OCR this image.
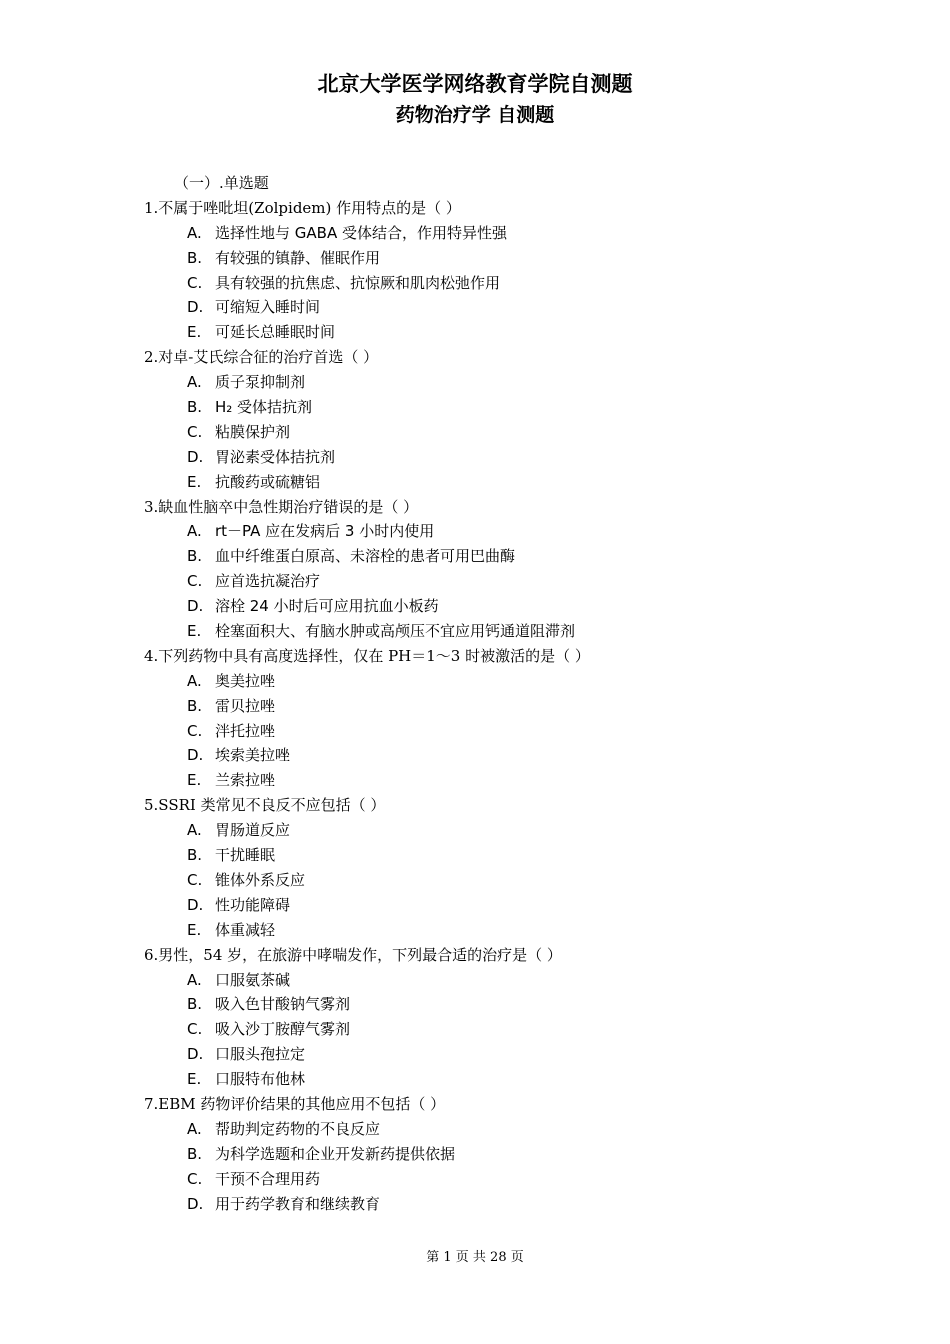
北京大学医学网络教育学院自测题
药物治疗学 自测题
（一）.单选题
1.不属于唑吡坦(Zolpidem) 作用特点的是（ ）
A. 选择性地与 GABA 受体结合，作用特异性强
B. 有较强的镇静、催眠作用
C. 具有较强的抗焦虑、抗惊厥和肌肉松弛作用
D. 可缩短入睡时间
E. 可延长总睡眠时间
2.对卓-艾氏综合征的治疗首选（ ）
A. 质子泵抑制剂
B. H₂ 受体拮抗剂
C. 粘膜保护剂
D. 胃泌素受体拮抗剂
E. 抗酸药或硫糖铝
3.缺血性脑卒中急性期治疗错误的是（ ）
A. rt－PA 应在发病后 3 小时内使用
B. 血中纤维蛋白原高、未溶栓的患者可用巴曲酶
C. 应首选抗凝治疗
D. 溶栓 24 小时后可应用抗血小板药
E. 栓塞面积大、有脑水肿或高颅压不宜应用钙通道阻滞剂
4.下列药物中具有高度选择性，仅在 PH＝1～3 时被激活的是（ ）
A. 奥美拉唑
B. 雷贝拉唑
C. 泮托拉唑
D. 埃索美拉唑
E. 兰索拉唑
5.SSRI 类常见不良反不应包括（ ）
A. 胃肠道反应
B. 干扰睡眠
C. 锥体外系反应
D. 性功能障碍
E. 体重减轻
6.男性，54 岁，在旅游中哮喘发作，下列最合适的治疗是（ ）
A. 口服氨茶碱
B. 吸入色甘酸钠气雾剂
C. 吸入沙丁胺醇气雾剂
D. 口服头孢拉定
E. 口服特布他林
7.EBM 药物评价结果的其他应用不包括（ ）
A. 帮助判定药物的不良反应
B. 为科学选题和企业开发新药提供依据
C. 干预不合理用药
D. 用于药学教育和继续教育
第 1 页 共 28 页
